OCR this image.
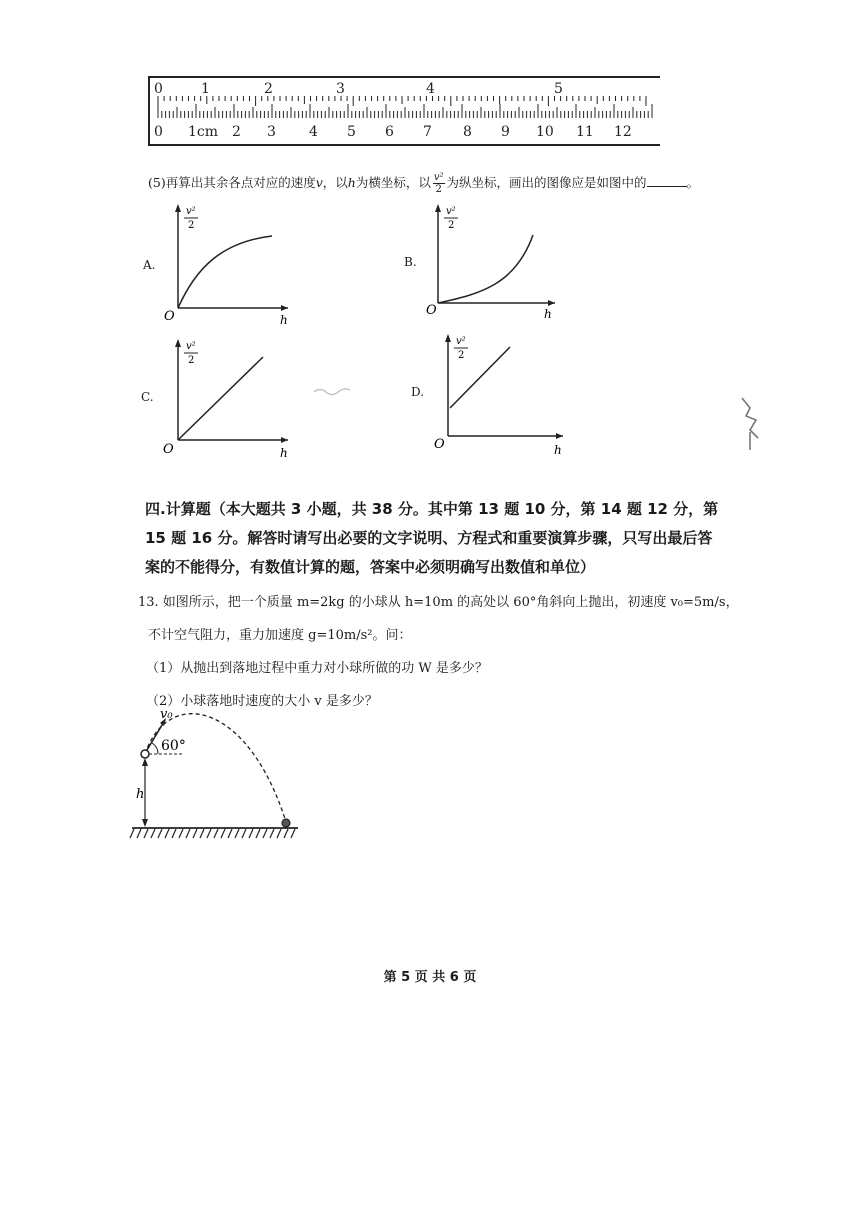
0	1	2	3	4	5
0 1cm 2 3 4 5 6 7 8 9 10 11 12
(5)再算出其余各点对应的速度v，以h为横坐标，以 $\frac{\text{v²}}{2}$ 为纵坐标，画出的图像应是如图中的	。
A.
v²
2
O	h
B.
v²
2
O	h
C.
v²
2
O	h
D.
v²
2
O	h
四.计算题（本大题共 3 小题，共 38 分。其中第 13 题 10 分，第 14 题 12 分，第 15 题 16 分。解答时请写出必要的文字说明、方程式和重要演算步骤，只写出最后答案的不能得分，有数值计算的题，答案中必须明确写出数值和单位）
13. 如图所示，把一个质量 m=2kg 的小球从 h=10m 的高处以 60°角斜向上抛出，初速度 v₀=5m/s，
不计空气阻力，重力加速度 g=10m/s²。问：
（1）从抛出到落地过程中重力对小球所做的功 W 是多少？
（2）小球落地时速度的大小 v 是多少？
v₀
60°
h
第 5 页 共 6 页
